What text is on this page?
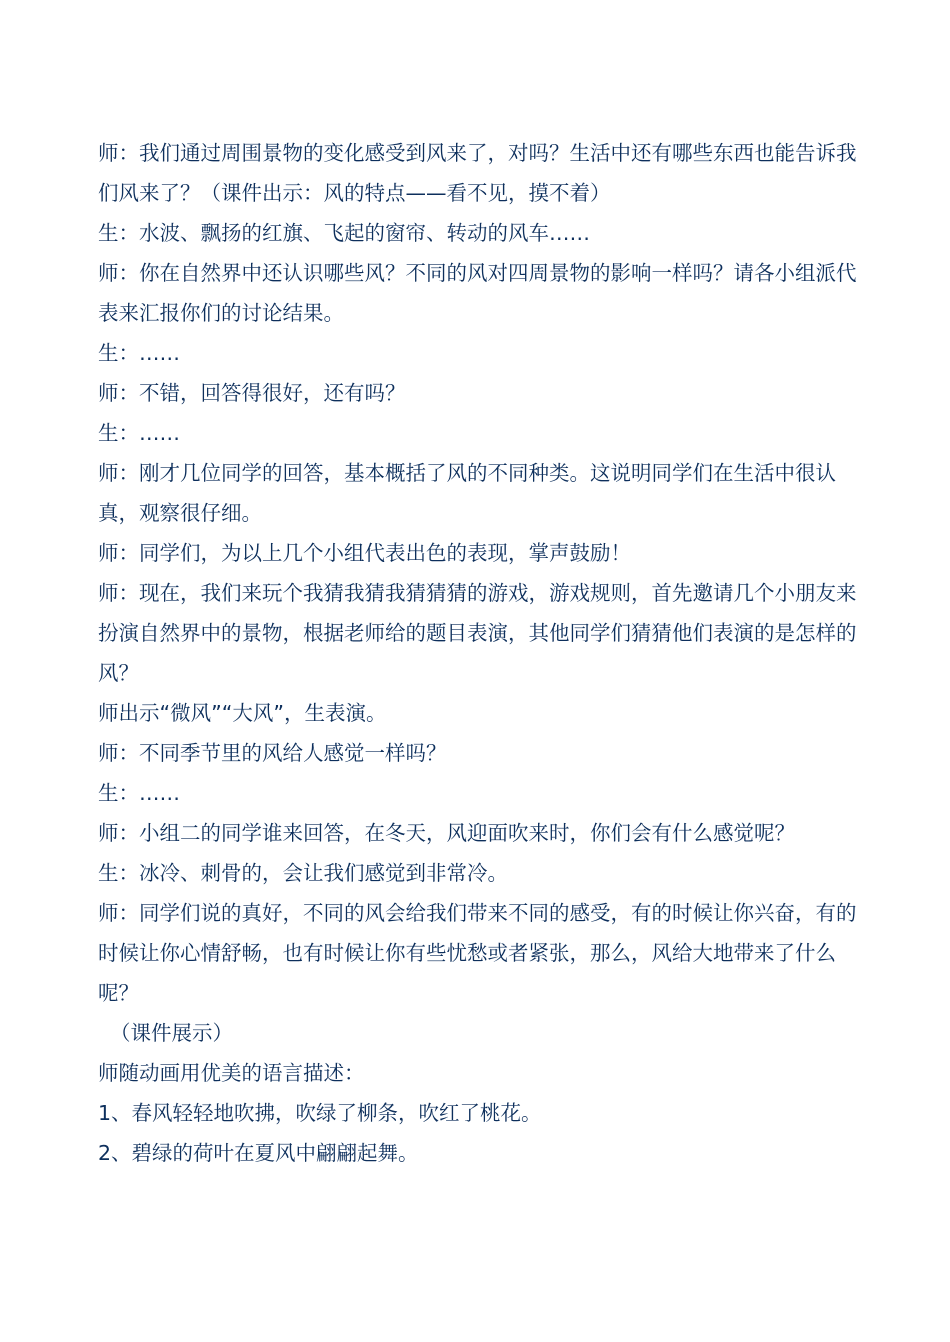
师：我们通过周围景物的变化感受到风来了，对吗？生活中还有哪些东西也能告诉我们风来了？（课件出示：风的特点——看不见，摸不着）

生：水波、飘扬的红旗、飞起的窗帘、转动的风车……

师：你在自然界中还认识哪些风？不同的风对四周景物的影响一样吗？请各小组派代表来汇报你们的讨论结果。

生：……

师：不错，回答得很好，还有吗？

生：……

师：刚才几位同学的回答，基本概括了风的不同种类。这说明同学们在生活中很认真，观察很仔细。

师：同学们，为以上几个小组代表出色的表现，掌声鼓励！

师：现在，我们来玩个我猜我猜我猜猜猜的游戏，游戏规则，首先邀请几个小朋友来扮演自然界中的景物，根据老师给的题目表演，其他同学们猜猜他们表演的是怎样的风？

师出示“微风”“大风”，生表演。

师：不同季节里的风给人感觉一样吗？

生：……

师：小组二的同学谁来回答，在冬天，风迎面吹来时，你们会有什么感觉呢？

生：冰冷、刺骨的，会让我们感觉到非常冷。

师：同学们说的真好，不同的风会给我们带来不同的感受，有的时候让你兴奋，有的时候让你心情舒畅，也有时候让你有些忧愁或者紧张，那么，风给大地带来了什么呢？

（课件展示）

师随动画用优美的语言描述：

1、春风轻轻地吹拂，吹绿了柳条，吹红了桃花。

2、碧绿的荷叶在夏风中翩翩起舞。
